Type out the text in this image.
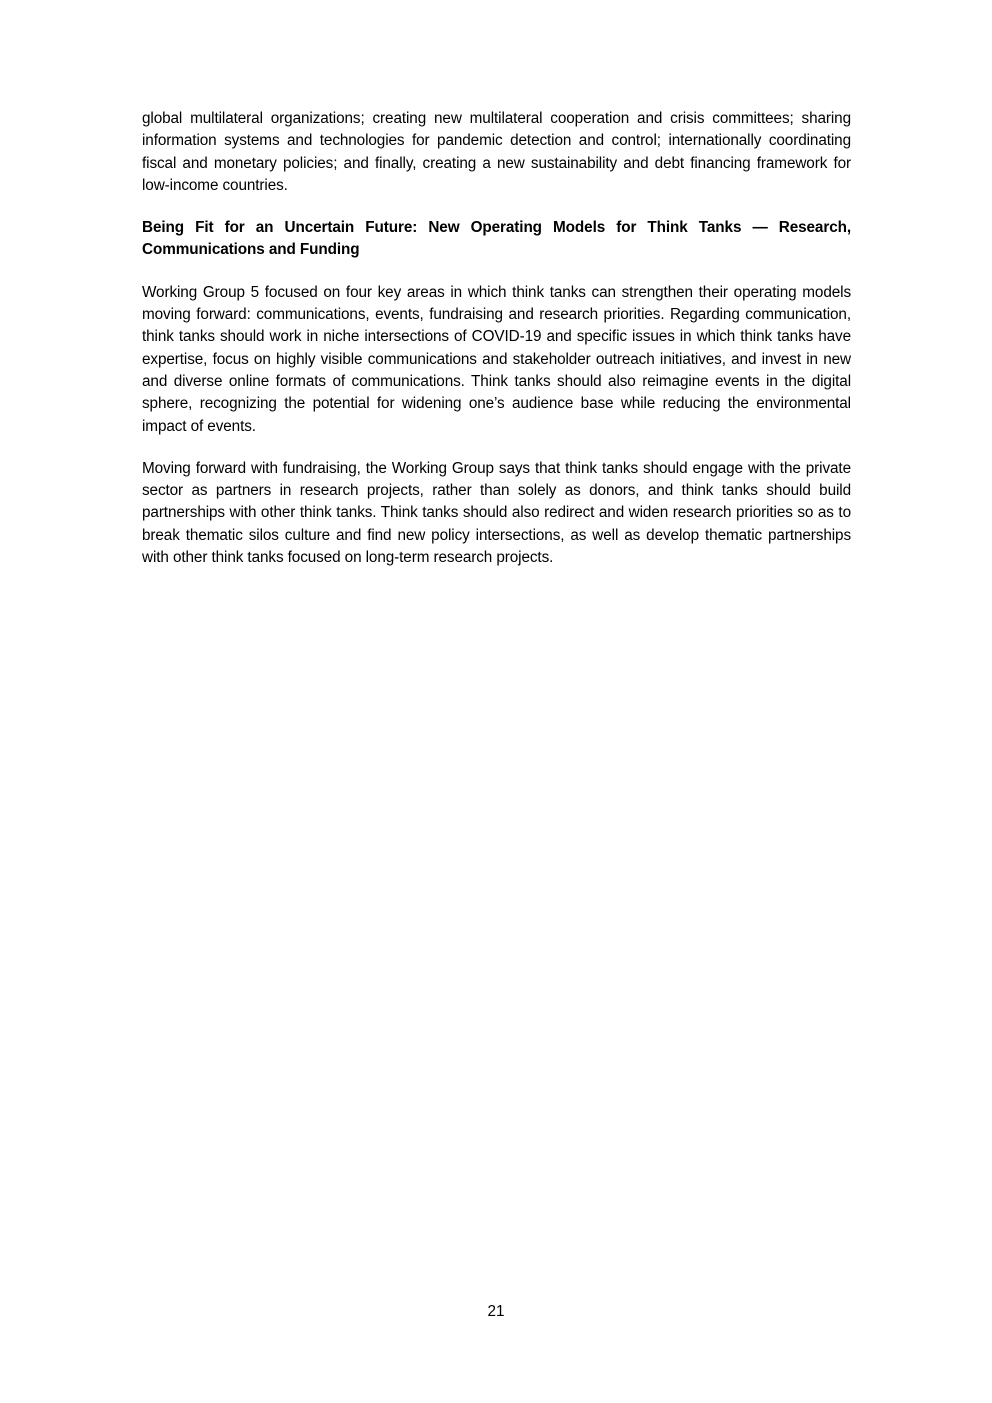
global multilateral organizations; creating new multilateral cooperation and crisis committees; sharing information systems and technologies for pandemic detection and control; internationally coordinating fiscal and monetary policies; and finally, creating a new sustainability and debt financing framework for low-income countries.

Being Fit for an Uncertain Future: New Operating Models for Think Tanks — Research, Communications and Funding

Working Group 5 focused on four key areas in which think tanks can strengthen their operating models moving forward: communications, events, fundraising and research priorities. Regarding communication, think tanks should work in niche intersections of COVID-19 and specific issues in which think tanks have expertise, focus on highly visible communications and stakeholder outreach initiatives, and invest in new and diverse online formats of communications. Think tanks should also reimagine events in the digital sphere, recognizing the potential for widening one’s audience base while reducing the environmental impact of events.

Moving forward with fundraising, the Working Group says that think tanks should engage with the private sector as partners in research projects, rather than solely as donors, and think tanks should build partnerships with other think tanks. Think tanks should also redirect and widen research priorities so as to break thematic silos culture and find new policy intersections, as well as develop thematic partnerships with other think tanks focused on long-term research projects.

21
